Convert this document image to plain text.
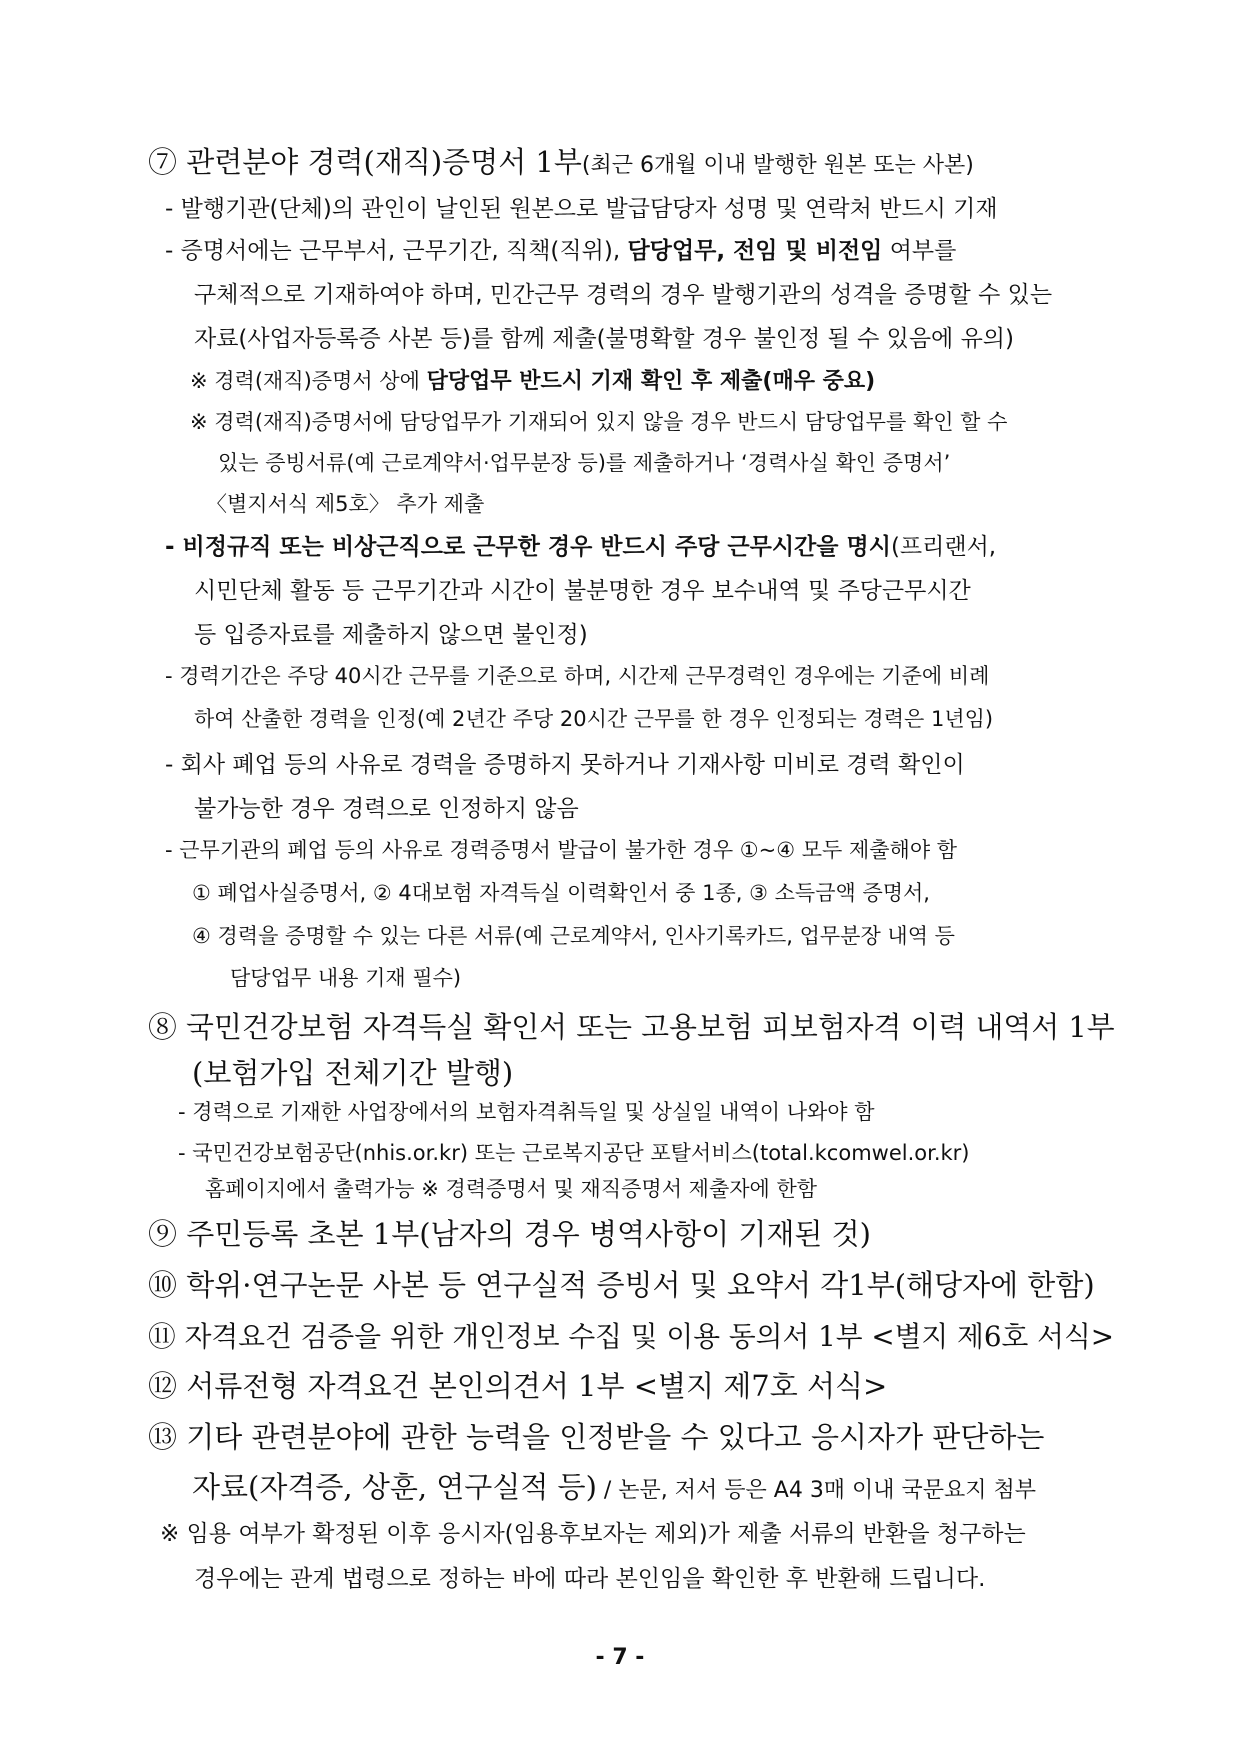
⑦ 관련분야 경력(재직)증명서 1부(최근 6개월 이내 발행한 원본 또는 사본)
- 발행기관(단체)의 관인이 날인된 원본으로 발급담당자 성명 및 연락처 반드시 기재
- 증명서에는 근무부서, 근무기간, 직책(직위), 담당업무, 전임 및 비전임 여부를
구체적으로 기재하여야 하며, 민간근무 경력의 경우 발행기관의 성격을 증명할 수 있는
자료(사업자등록증 사본 등)를 함께 제출(불명확할 경우 불인정 될 수 있음에 유의)
※ 경력(재직)증명서 상에 담당업무 반드시 기재 확인 후 제출(매우 중요)
※ 경력(재직)증명서에 담당업무가 기재되어 있지 않을 경우 반드시 담당업무를 확인 할 수
있는 증빙서류(예 근로계약서·업무분장 등)를 제출하거나 ‘경력사실 확인 증명서’
〈별지서식 제5호〉 추가 제출
- 비정규직 또는 비상근직으로 근무한 경우 반드시 주당 근무시간을 명시(프리랜서,
시민단체 활동 등 근무기간과 시간이 불분명한 경우 보수내역 및 주당근무시간
등 입증자료를 제출하지 않으면 불인정)
- 경력기간은 주당 40시간 근무를 기준으로 하며, 시간제 근무경력인 경우에는 기준에 비례
하여 산출한 경력을 인정(예 2년간 주당 20시간 근무를 한 경우 인정되는 경력은 1년임)
- 회사 폐업 등의 사유로 경력을 증명하지 못하거나 기재사항 미비로 경력 확인이
불가능한 경우 경력으로 인정하지 않음
- 근무기관의 폐업 등의 사유로 경력증명서 발급이 불가한 경우 ①~④ 모두 제출해야 함
① 폐업사실증명서, ② 4대보험 자격득실 이력확인서 중 1종, ③ 소득금액 증명서,
④ 경력을 증명할 수 있는 다른 서류(예 근로계약서, 인사기록카드, 업무분장 내역 등
담당업무 내용 기재 필수)
⑧ 국민건강보험 자격득실 확인서 또는 고용보험 피보험자격 이력 내역서 1부
(보험가입 전체기간 발행)
- 경력으로 기재한 사업장에서의 보험자격취득일 및 상실일 내역이 나와야 함
- 국민건강보험공단(nhis.or.kr) 또는 근로복지공단 포탈서비스(total.kcomwel.or.kr)
홈페이지에서 출력가능 ※ 경력증명서 및 재직증명서 제출자에 한함
⑨ 주민등록 초본 1부(남자의 경우 병역사항이 기재된 것)
⑩ 학위·연구논문 사본 등 연구실적 증빙서 및 요약서 각1부(해당자에 한함)
⑪ 자격요건 검증을 위한 개인정보 수집 및 이용 동의서 1부 <별지 제6호 서식>
⑫ 서류전형 자격요건 본인의견서 1부 <별지 제7호 서식>
⑬ 기타 관련분야에 관한 능력을 인정받을 수 있다고 응시자가 판단하는
자료(자격증, 상훈, 연구실적 등) / 논문, 저서 등은 A4 3매 이내 국문요지 첨부
※ 임용 여부가 확정된 이후 응시자(임용후보자는 제외)가 제출 서류의 반환을 청구하는
경우에는 관계 법령으로 정하는 바에 따라 본인임을 확인한 후 반환해 드립니다.
- 7 -
